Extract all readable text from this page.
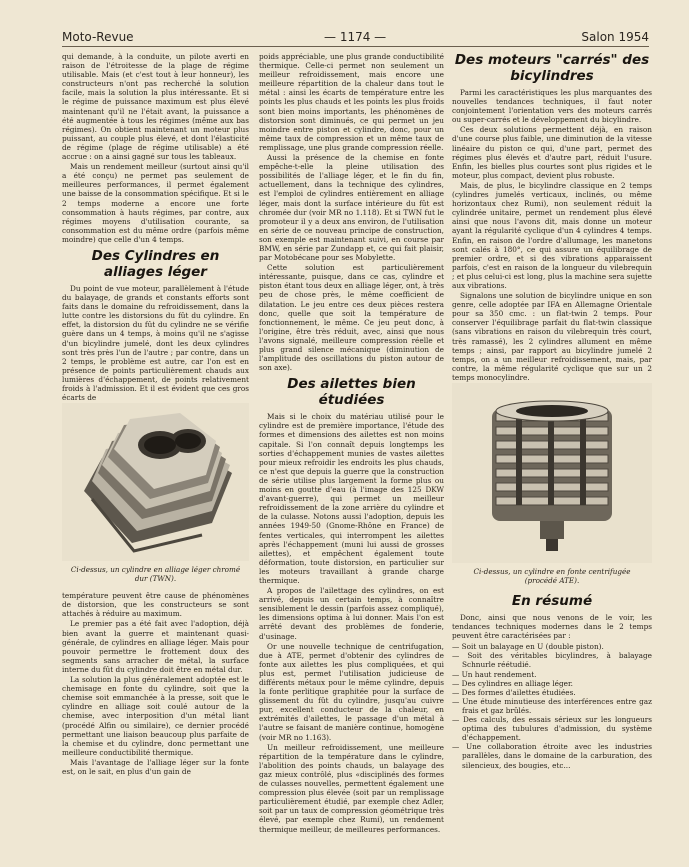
Moto-Revue	— 1174 —	Salon 1954

qui demande, à la conduite, un pilote averti en raison de l'étroitesse de la plage de régime utilisable. Mais (et c'est tout à leur honneur), les constructeurs n'ont pas recherché la solution facile, mais la solution la plus intéressante. Et si le régime de puissance maximum est plus élevé maintenant qu'il ne l'était avant, la puissance a été augmentée à tous les régimes (même aux bas régimes). On obtient maintenant un moteur plus puissant, au couple plus élevé, et dont l'élasticité de régime (plage de régime utilisable) a été accrue : on a ainsi gagné sur tous les tableaux.

Mais un rendement meilleur (surtout ainsi qu'il a été conçu) ne permet pas seulement de meilleures performances, il permet également une baisse de la consommation spécifique. Et si le 2 temps moderne a encore une forte consommation à hauts régimes, par contre, aux régimes moyens d'utilisation courante, sa consommation est du même ordre (parfois même moindre) que celle d'un 4 temps.

Des Cylindres en alliages léger

Du point de vue moteur, parallèlement à l'étude du balayage, de grands et constants efforts sont faits dans le domaine du refroidissement, dans la lutte contre les distorsions du fût du cylindre. En effet, la distorsion du fût du cylindre ne se vérifie guère dans un 4 temps, à moins qu'il ne s'agisse d'un bicylindre jumelé, dont les deux cylindres sont très près l'un de l'autre ; par contre, dans un 2 temps, le problème est autre, car l'on est en présence de points particulièrement chauds aux lumières d'échappement, de points relativement froids à l'admission. Et il est évident que ces gros écarts de

Ci-dessus, un cylindre en alliage léger chromé dur (TWN).

température peuvent être cause de phénomènes de distorsion, que les constructeurs se sont attachés à réduire au maximum.

Le premier pas a été fait avec l'adoption, déjà bien avant la guerre et maintenant quasi-générale, de cylindres en alliage léger. Mais pour pouvoir permettre le frottement doux des segments sans arracher de métal, la surface interne du fût du cylindre doit être en métal dur.

La solution la plus généralement adoptée est le chemisage en fonte du cylindre, soit que la chemise soit emmanchée à la presse, soit que le cylindre en alliage soit coulé autour de la chemise, avec interposition d'un métal liant (procédé Alfin ou similaire), ce dernier procédé permettant une liaison beaucoup plus parfaite de la chemise et du cylindre, donc permettant une meilleure conductibilité thermique.

Mais l'avantage de l'alliage léger sur la fonte est, on le sait, en plus d'un gain de

poids appréciable, une plus grande conductibilité thermique. Celle-ci permet non seulement un meilleur refroidissement, mais encore une meilleure répartition de la chaleur dans tout le métal : ainsi les écarts de température entre les points les plus chauds et les points les plus froids sont bien moins importants, les phénomènes de distorsion sont diminués, ce qui permet un jeu moindre entre piston et cylindre, donc, pour un même taux de compression et un même taux de remplissage, une plus grande compression réelle.

Aussi la présence de la chemise en fonte empêche-t-elle la pleine utilisation des possibilités de l'alliage léger, et le fin du fin, actuellement, dans la technique des cylindres, est l'emploi de cylindres entièrement en alliage léger, mais dont la surface intérieure du fût est chromée dur (voir MR no 1.118). Et si TWN fut le promoteur il y a deux ans environ, de l'utilisation en série de ce nouveau principe de construction, son exemple est maintenant suivi, en course par BMW, en série par Zundapp et, ce qui fait plaisir, par Motobécane pour ses Mobylette.

Cette solution est particulièrement intéressante, puisque, dans ce cas, cylindre et piston étant tous deux en alliage léger, ont, à très peu de chose près, le même coefficient de dilatation. Le jeu entre ces deux pièces restera donc, quelle que soit la température de fonctionnement, le même. Ce jeu peut donc, à l'origine, être très réduit, avec, ainsi que nous l'avons signalé, meilleure compression réelle et plus grand silence mécanique (diminution de l'amplitude des oscillations du piston autour de son axe).

Des ailettes bien étudiées

Mais si le choix du matériau utilisé pour le cylindre est de première importance, l'étude des formes et dimensions des ailettes est non moins capitale. Si l'on connaît depuis longtemps les sorties d'échappement munies de vastes ailettes pour mieux refroidir les endroits les plus chauds, ce n'est que depuis la guerre que la construction de série utilise plus largement la forme plus ou moins en goutte d'eau (à l'image des 125 DKW d'avant-guerre), qui permet un meilleur refroidissement de la zone arrière du cylindre et de la culasse. Notons aussi l'adoption, depuis les années 1949-50 (Gnome-Rhône en France) de fentes verticales, qui interrompent les ailettes après l'échappement (muni lui aussi de grosses ailettes), et empêchent également toute déformation, toute distorsion, en particulier sur les moteurs travaillant à grande charge thermique.

A propos de l'ailettage des cylindres, on est arrivé, depuis un certain temps, à connaître sensiblement le dessin (parfois assez compliqué), les dimensions optima à lui donner. Mais l'on est arrêté devant des problèmes de fonderie, d'usinage.

Or une nouvelle technique de centrifugation, due à ATE, permet d'obtenir des cylindres de fonte aux ailettes les plus compliquées, et qui plus est, permet l'utilisation judicieuse de différents métaux pour le même cylindre, depuis la fonte perlitique graphitée pour la surface de glissement du fût du cylindre, jusqu'au cuivre pur, excellent conducteur de la chaleur, en extrémités d'ailettes, le passage d'un métal à l'autre se faisant de manière continue, homogène (voir MR no 1.163).

Un meilleur refroidissement, une meilleure répartition de la température dans le cylindre, l'abolition des points chauds, un balayage des gaz mieux contrôlé, plus «disciplinés des formes de culasses nouvelles, permettent également une compression plus élevée (soit par un remplissage particulièrement étudié, par exemple chez Adler, soit par un taux de compression géométrique très élevé, par exemple chez Rumi), un rendement thermique meilleur, de meilleures performances.

Des moteurs "carrés" des bicylindres

Parmi les caractéristiques les plus marquantes des nouvelles tendances techniques, il faut noter conjointement l'orientation vers des moteurs carrés ou super-carrés et le développement du bicylindre.

Ces deux solutions permettent déjà, en raison d'une course plus faible, une diminution de la vitesse linéaire du piston ce qui, d'une part, permet des régimes plus élevés et d'autre part, réduit l'usure. Enfin, les bielles plus courtes sont plus rigides et le moteur, plus compact, devient plus robuste.

Mais, de plus, le bicylindre classique en 2 temps (cylindres jumelés verticaux, inclinés, ou même horizontaux chez Rumi), non seulement réduit la cylindrée unitaire, permet un rendement plus élevé ainsi que nous l'avons dit, mais donne un moteur ayant la régularité cyclique d'un 4 cylindres 4 temps. Enfin, en raison de l'ordre d'allumage, les manetons sont calés à 180°, ce qui assure un équilibrage de premier ordre, et si des vibrations apparaissent parfois, c'est en raison de la longueur du vilebrequin ; et plus celui-ci est long, plus la machine sera sujette aux vibrations.

Signalons une solution de bicylindre unique en son genre, celle adoptée par IFA en Allemagne Orientale pour sa 350 cmc. : un flat-twin 2 temps. Pour conserver l'équilibrage parfait du flat-twin classique (sans vibrations en raison du vilebrequin très court, très ramassé), les 2 cylindres allument en même temps ; ainsi, par rapport au bicylindre jumelé 2 temps, on a un meilleur refroidissement, mais, par contre, la même régularité cyclique que sur un 2 temps monocylindre.

Ci-dessus, un cylindre en fonte centrifugée (procédé ATE).
En résumé

Donc, ainsi que nous venons de le voir, les tendances techniques modernes dans le 2 temps peuvent être caractérisées par :

— Soit un balayage en U (double piston).
— Soit des véritables bicylindres, à balayage Schnurle réétudié.
— Un haut rendement.
— Des cylindres en alliage léger.
— Des formes d'ailettes étudiées.
— Une étude minutieuse des interférences entre gaz frais et gaz brûlés.
— Des calculs, des essais sérieux sur les longueurs optima des tubulures d'admission, du système d'échappement.
— Une collaboration étroite avec les industries parallèles, dans le domaine de la carburation, des silencieux, des bougies, etc...
